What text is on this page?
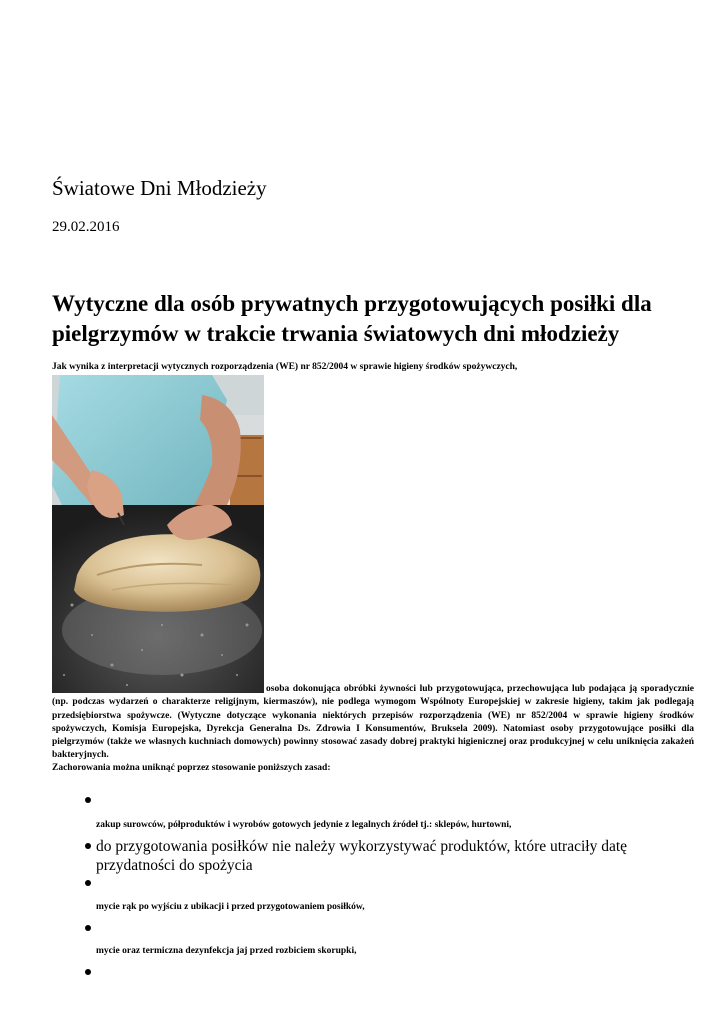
Światowe Dni Młodzieży

29.02.2016

Wytyczne dla osób prywatnych przygotowujących posiłki dla pielgrzymów w trakcie trwania światowych dni młodzieży

Jak wynika z interpretacji wytycznych rozporządzenia (WE) nr 852/2004 w sprawie higieny środków spożywczych,

osoba dokonująca obróbki żywności lub przygotowująca, przechowująca lub podająca ją sporadycznie (np. podczas wydarzeń o charakterze religijnym, kiermaszów), nie podlega wymogom Wspólnoty Europejskiej w zakresie higieny, takim jak podlegają przedsiębiorstwa spożywcze. (Wytyczne dotyczące wykonania niektórych przepisów rozporządzenia (WE) nr 852/2004 w sprawie higieny środków spożywczych, Komisja Europejska, Dyrekcja Generalna Ds. Zdrowia I Konsumentów, Bruksela 2009). Natomiast osoby przygotowujące posiłki dla pielgrzymów (także we własnych kuchniach domowych) powinny stosować zasady dobrej praktyki higienicznej oraz produkcyjnej w celu uniknięcia zakażeń bakteryjnych.

Zachorowania można uniknąć poprzez stosowanie poniższych zasad:

zakup surowców, półproduktów i wyrobów gotowych jedynie z legalnych źródeł tj.: sklepów, hurtowni,

do przygotowania posiłków nie należy wykorzystywać produktów, które utraciły datę przydatności do spożycia

mycie rąk po wyjściu z ubikacji i przed przygotowaniem posiłków,

mycie oraz termiczna dezynfekcja jaj przed rozbiciem skorupki,
